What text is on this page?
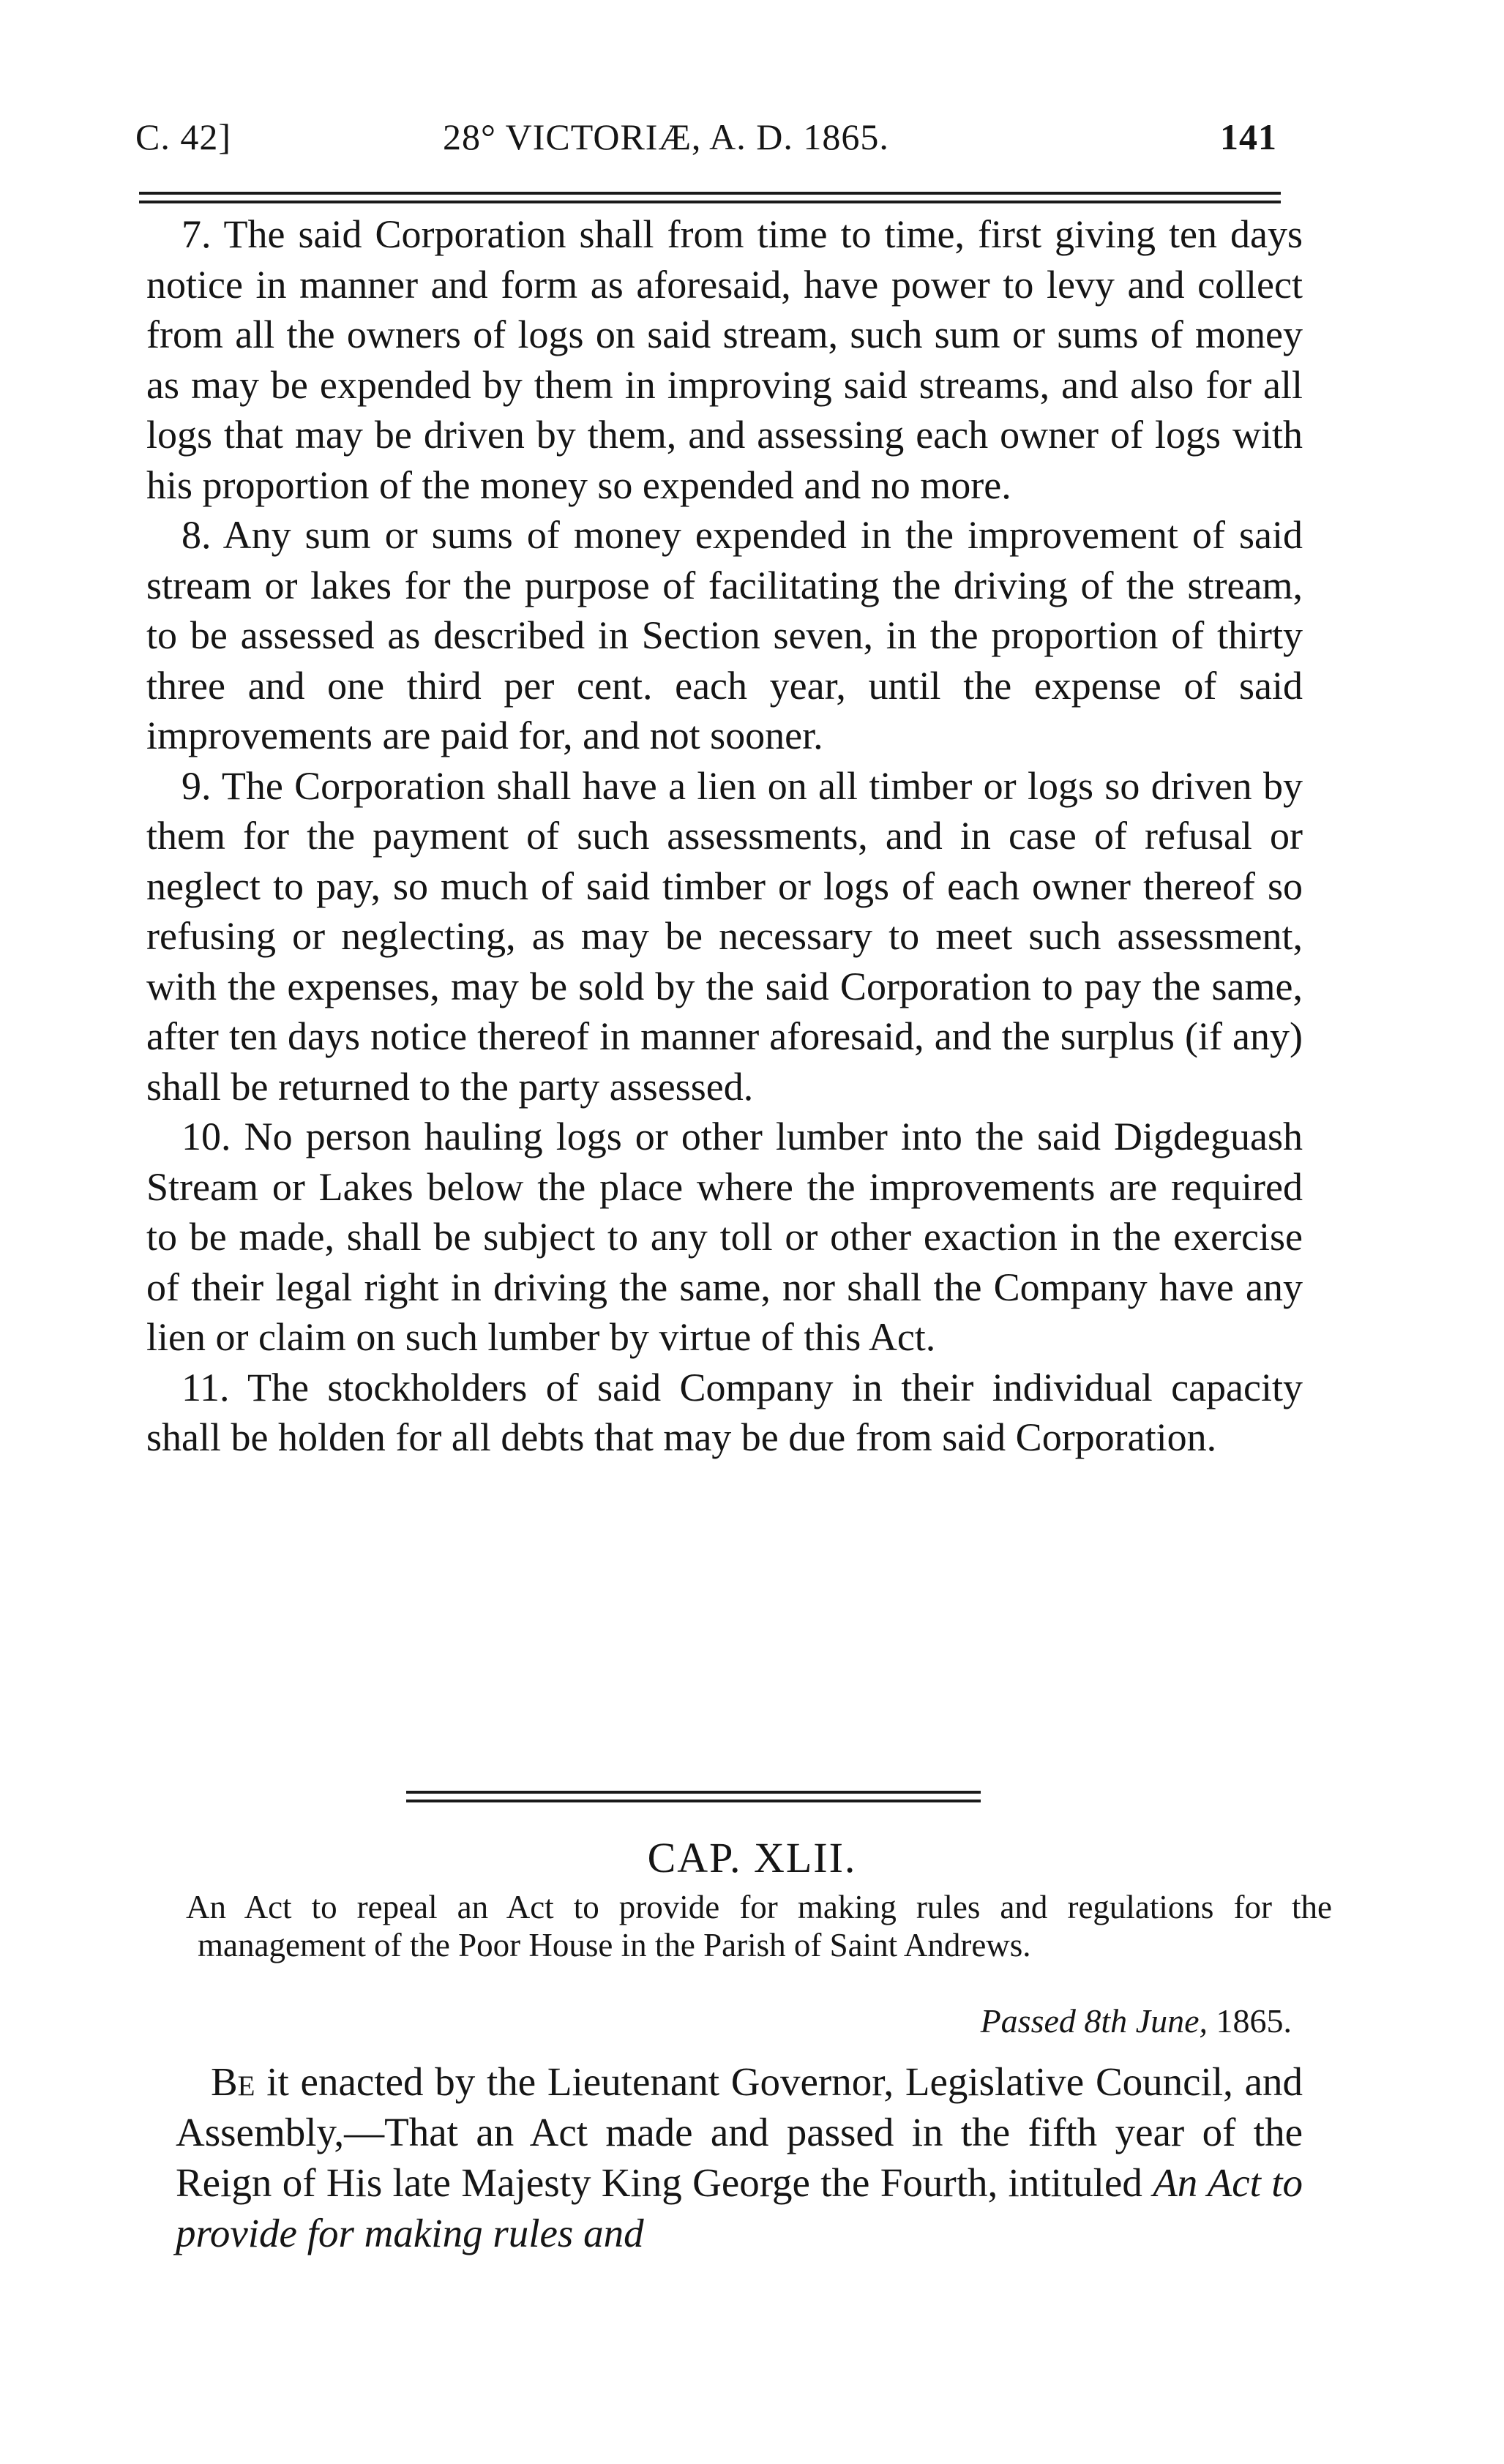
C. 42]	28° VICTORIÆ, A. D. 1865.	141

7. The said Corporation shall from time to time, first giving ten days notice in manner and form as aforesaid, have power to levy and collect from all the owners of logs on said stream, such sum or sums of money as may be expended by them in improving said streams, and also for all logs that may be driven by them, and assessing each owner of logs with his proportion of the money so expended and no more.

8. Any sum or sums of money expended in the improvement of said stream or lakes for the purpose of facilitating the driving of the stream, to be assessed as described in Section seven, in the proportion of thirty three and one third per cent. each year, until the expense of said improvements are paid for, and not sooner.

9. The Corporation shall have a lien on all timber or logs so driven by them for the payment of such assessments, and in case of refusal or neglect to pay, so much of said timber or logs of each owner thereof so refusing or neglecting, as may be necessary to meet such assessment, with the expenses, may be sold by the said Corporation to pay the same, after ten days notice thereof in manner aforesaid, and the surplus (if any) shall be returned to the party assessed.

10. No person hauling logs or other lumber into the said Digdeguash Stream or Lakes below the place where the improvements are required to be made, shall be subject to any toll or other exaction in the exercise of their legal right in driving the same, nor shall the Company have any lien or claim on such lumber by virtue of this Act.

11. The stockholders of said Company in their individual capacity shall be holden for all debts that may be due from said Corporation.

CAP. XLII.
An Act to repeal an Act to provide for making rules and regulations for the management of the Poor House in the Parish of Saint Andrews.
Passed 8th June, 1865.
Be it enacted by the Lieutenant Governor, Legislative Council, and Assembly,—That an Act made and passed in the fifth year of the Reign of His late Majesty King George the Fourth, intituled An Act to provide for making rules and
